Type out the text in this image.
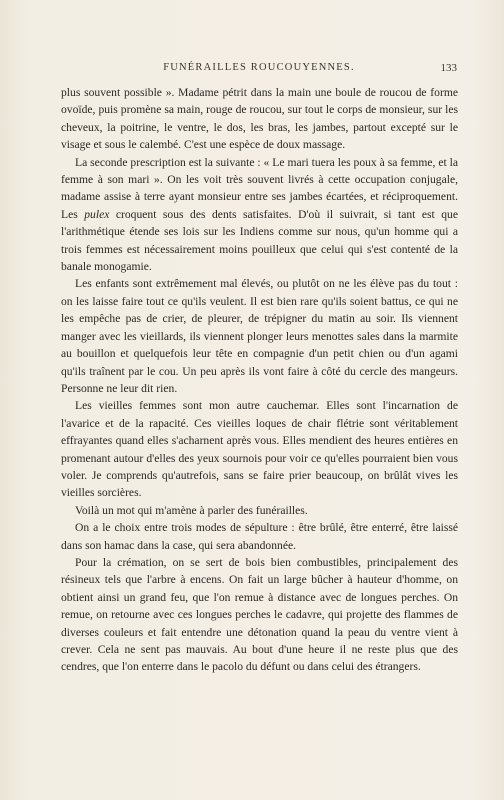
FUNÉRAILLES ROUCOUYENNES.	133

plus souvent possible ». Madame pétrit dans la main une boule de roucou de forme ovoïde, puis promène sa main, rouge de roucou, sur tout le corps de monsieur, sur les cheveux, la poitrine, le ventre, le dos, les bras, les jambes, partout excepté sur le visage et sous le calembé. C'est une espèce de doux massage.

La seconde prescription est la suivante : « Le mari tuera les poux à sa femme, et la femme à son mari ». On les voit très souvent livrés à cette occupation conjugale, madame assise à terre ayant monsieur entre ses jambes écartées, et réciproquement. Les pulex croquent sous des dents satisfaites. D'où il suivrait, si tant est que l'arithmétique étende ses lois sur les Indiens comme sur nous, qu'un homme qui a trois femmes est nécessairement moins pouilleux que celui qui s'est contenté de la banale monogamie.

Les enfants sont extrêmement mal élevés, ou plutôt on ne les élève pas du tout : on les laisse faire tout ce qu'ils veulent. Il est bien rare qu'ils soient battus, ce qui ne les empêche pas de crier, de pleurer, de trépigner du matin au soir. Ils viennent manger avec les vieillards, ils viennent plonger leurs menottes sales dans la marmite au bouillon et quelquefois leur tête en compagnie d'un petit chien ou d'un agami qu'ils traînent par le cou. Un peu après ils vont faire à côté du cercle des mangeurs. Personne ne leur dit rien.

Les vieilles femmes sont mon autre cauchemar. Elles sont l'incarnation de l'avarice et de la rapacité. Ces vieilles loques de chair flétrie sont véritablement effrayantes quand elles s'acharnent après vous. Elles mendient des heures entières en promenant autour d'elles des yeux sournois pour voir ce qu'elles pourraient bien vous voler. Je comprends qu'autrefois, sans se faire prier beaucoup, on brûlât vives les vieilles sorcières.

Voilà un mot qui m'amène à parler des funérailles.

On a le choix entre trois modes de sépulture : être brûlé, être enterré, être laissé dans son hamac dans la case, qui sera abandonnée.

Pour la crémation, on se sert de bois bien combustibles, principalement des résineux tels que l'arbre à encens. On fait un large bûcher à hauteur d'homme, on obtient ainsi un grand feu, que l'on remue à distance avec de longues perches. On remue, on retourne avec ces longues perches le cadavre, qui projette des flammes de diverses couleurs et fait entendre une détonation quand la peau du ventre vient à crever. Cela ne sent pas mauvais. Au bout d'une heure il ne reste plus que des cendres, que l'on enterre dans le pacolo du défunt ou dans celui des étrangers.
